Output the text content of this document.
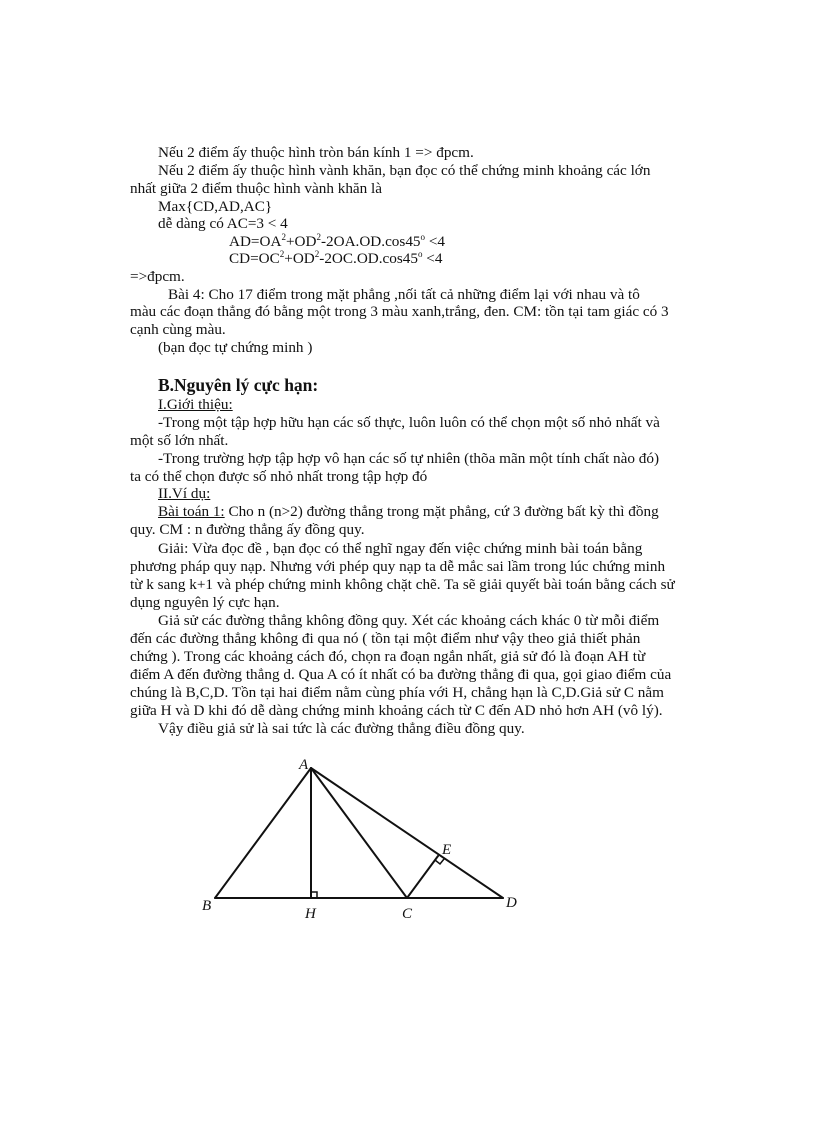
Nếu 2 điểm ấy thuộc hình tròn bán kính 1 => đpcm.

Nếu 2 điểm ấy thuộc hình vành khăn, bạn đọc có thể chứng minh khoảng các lớn

nhất giữa 2 điểm thuộc hình vành khăn là

Max{CD,AD,AC}

dễ dàng có AC=3 < 4

$AD=OA^2+OD^2-2OA.OD.\cos 45^o <4$

$CD=OC^2+OD^2-2OC.OD.\cos 45^o <4$

=>đpcm.

Bài 4: Cho 17 điểm trong mặt phẳng ,nối tất cả những điểm lại với nhau và tô

màu các đoạn thẳng đó bằng một trong 3 màu xanh,trắng, đen. CM: tồn tại tam giác có 3

cạnh cùng màu.

(bạn đọc tự chứng minh )

B.Nguyên lý cực hạn:

I.Giới thiệu:

-Trong một tập hợp hữu hạn các số thực, luôn luôn có thể chọn một số nhỏ nhất và

một số lớn nhất.

-Trong trường hợp tập hợp vô hạn các số tự nhiên (thõa mãn một tính chất nào đó)

ta có thể chọn được số nhỏ nhất trong tập hợp đó

II.Ví dụ:

Bài toán 1: Cho n (n>2) đường thẳng trong mặt phẳng, cứ 3 đường bất kỳ thì đồng

quy. CM : n đường thẳng ấy đồng quy.

Giải: Vừa đọc đề , bạn đọc có thể nghĩ ngay đến việc chứng minh bài toán bằng

phương pháp quy nạp. Nhưng với phép quy nạp ta dễ mắc sai lầm trong lúc chứng minh

từ k sang k+1 và phép chứng minh không chặt chẽ. Ta sẽ giải quyết bài toán bằng cách sử

dụng nguyên lý cực hạn.

Giả sử các đường thẳng không đồng quy. Xét các khoảng cách khác 0 từ mỗi điểm

đến các đường thẳng không đi qua nó ( tồn tại một điểm như vậy theo giả thiết phản

chứng ). Trong các khoảng cách đó, chọn ra đoạn ngắn nhất, giả sử đó là đoạn AH từ

điểm A đến đường thẳng d. Qua A có ít nhất có ba đường thẳng đi qua, gọi giao điểm của

chúng là B,C,D. Tồn tại hai điểm nằm cùng phía với H, chẳng hạn là C,D.Giả sử C nằm

giữa H và D khi đó dễ dàng chứng minh khoảng cách từ C đến AD nhỏ hơn AH (vô lý).

Vậy điều giả sử là sai tức là các đường thẳng điều đồng quy.

A
B	H	C
D
E
